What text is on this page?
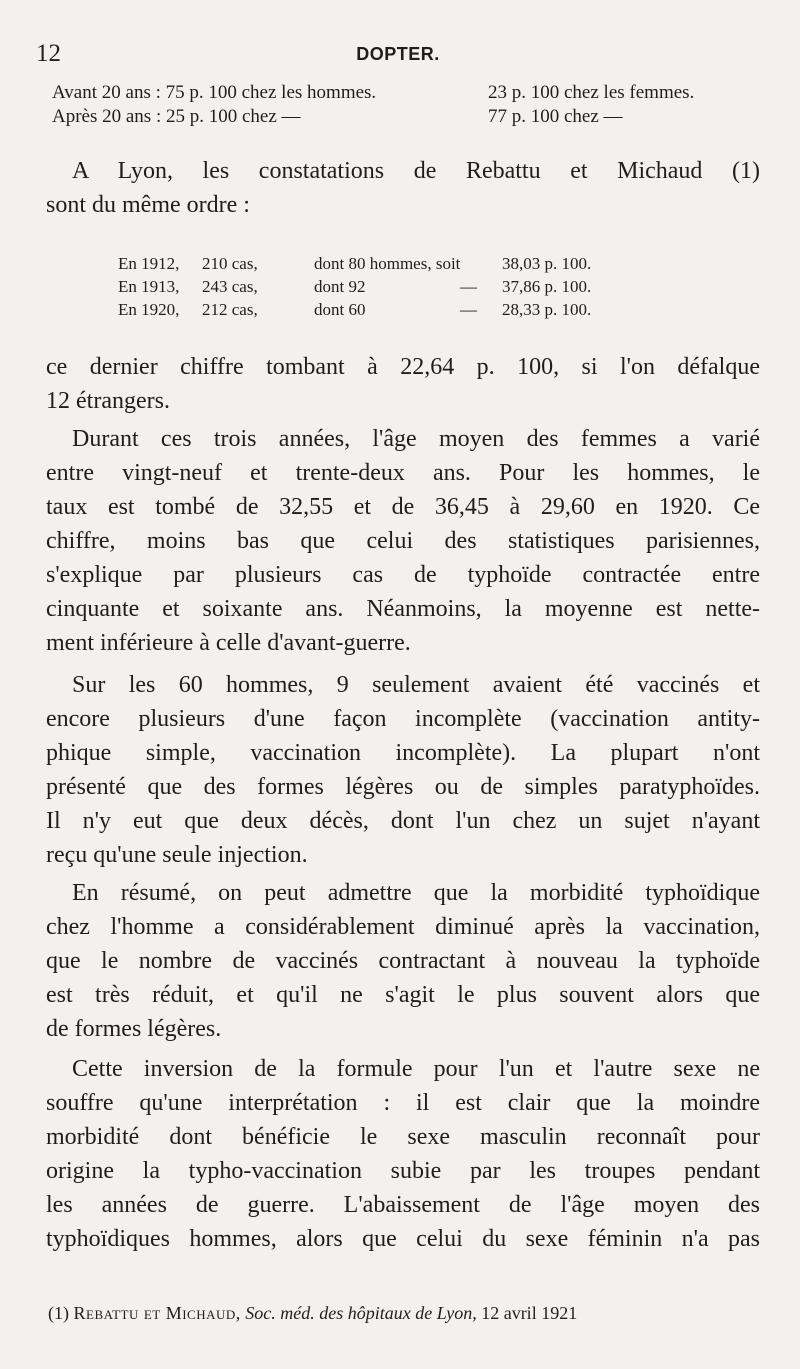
12	DOPTER.
Avant 20 ans : 75 p. 100 chez les hommes.	23 p. 100 chez les femmes.
Après 20 ans : 25 p. 100 chez —	77 p. 100 chez —

A Lyon, les constatations de Rebattu et Michaud (1)
sont du même ordre :

En 1912, 210 cas,	dont 80 hommes, soit 38,03 p. 100.
En 1913, 243 cas,	dont 92	— 37,86 p. 100.
En 1920, 212 cas,	dont 60	— 28,33 p. 100.

ce dernier chiffre tombant à 22,64 p. 100, si l'on défalque
12 étrangers.

Durant ces trois années, l'âge moyen des femmes a varié
entre vingt-neuf et trente-deux ans. Pour les hommes, le
taux est tombé de 32,55 et de 36,45 à 29,60 en 1920. Ce
chiffre, moins bas que celui des statistiques parisiennes,
s'explique par plusieurs cas de typhoïde contractée entre
cinquante et soixante ans. Néanmoins, la moyenne est nette-
ment inférieure à celle d'avant-guerre.

Sur les 60 hommes, 9 seulement avaient été vaccinés et
encore plusieurs d'une façon incomplète (vaccination antity-
phique simple, vaccination incomplète). La plupart n'ont
présenté que des formes légères ou de simples paratyphoïdes.
Il n'y eut que deux décès, dont l'un chez un sujet n'ayant
reçu qu'une seule injection.

En résumé, on peut admettre que la morbidité typhoïdique
chez l'homme a considérablement diminué après la vaccination,
que le nombre de vaccinés contractant à nouveau la typhoïde
est très réduit, et qu'il ne s'agit le plus souvent alors que
de formes légères.

Cette inversion de la formule pour l'un et l'autre sexe ne
souffre qu'une interprétation : il est clair que la moindre
morbidité dont bénéficie le sexe masculin reconnaît pour
origine la typho-vaccination subie par les troupes pendant
les années de guerre. L'abaissement de l'âge moyen des
typhoïdiques hommes, alors que celui du sexe féminin n'a pas

(1) Rebattu et Michaud, Soc. méd. des hôpitaux de Lyon, 12 avril 1921
